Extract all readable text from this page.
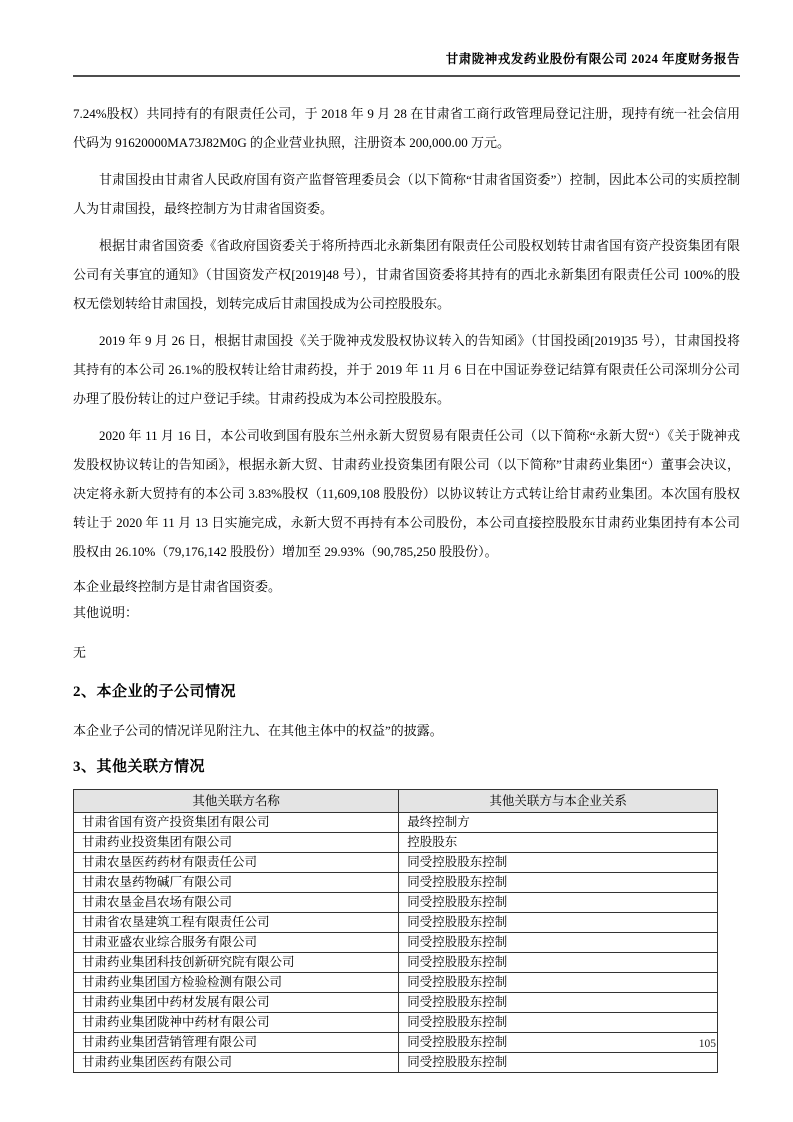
甘肃陇神戎发药业股份有限公司 2024 年度财务报告

7.24%股权）共同持有的有限责任公司，于 2018 年 9 月 28 在甘肃省工商行政管理局登记注册，现持有统一社会信用代码为 91620000MA73J82M0G 的企业营业执照，注册资本 200,000.00 万元。

甘肃国投由甘肃省人民政府国有资产监督管理委员会（以下简称“甘肃省国资委”）控制，因此本公司的实质控制人为甘肃国投，最终控制方为甘肃省国资委。

根据甘肃省国资委《省政府国资委关于将所持西北永新集团有限责任公司股权划转甘肃省国有资产投资集团有限公司有关事宜的通知》（甘国资发产权[2019]48 号），甘肃省国资委将其持有的西北永新集团有限责任公司 100%的股权无偿划转给甘肃国投，划转完成后甘肃国投成为公司控股股东。

2019 年 9 月 26 日，根据甘肃国投《关于陇神戎发股权协议转入的告知函》（甘国投函[2019]35 号），甘肃国投将其持有的本公司 26.1%的股权转让给甘肃药投，并于 2019 年 11 月 6 日在中国证券登记结算有限责任公司深圳分公司办理了股份转让的过户登记手续。甘肃药投成为本公司控股股东。

2020 年 11 月 16 日，本公司收到国有股东兰州永新大贸贸易有限责任公司（以下简称“永新大贸“）《关于陇神戎发股权协议转让的告知函》，根据永新大贸、甘肃药业投资集团有限公司（以下简称”甘肃药业集团“）董事会决议，决定将永新大贸持有的本公司 3.83%股权（11,609,108 股股份）以协议转让方式转让给甘肃药业集团。本次国有股权转让于 2020 年 11 月 13 日实施完成，永新大贸不再持有本公司股份，本公司直接控股股东甘肃药业集团持有本公司股权由 26.10%（79,176,142 股股份）增加至 29.93%（90,785,250 股股份）。

本企业最终控制方是甘肃省国资委。

其他说明：

无

2、本企业的子公司情况

本企业子公司的情况详见附注九、在其他主体中的权益”的披露。

3、其他关联方情况
其他关联方名称	其他关联方与本企业关系
甘肃省国有资产投资集团有限公司	最终控制方
甘肃药业投资集团有限公司	控股股东
甘肃农垦医药药材有限责任公司	同受控股股东控制
甘肃农垦药物碱厂有限公司	同受控股股东控制
甘肃农垦金昌农场有限公司	同受控股股东控制
甘肃省农垦建筑工程有限责任公司	同受控股股东控制
甘肃亚盛农业综合服务有限公司	同受控股股东控制
甘肃药业集团科技创新研究院有限公司	同受控股股东控制
甘肃药业集团国方检验检测有限公司	同受控股股东控制
甘肃药业集团中药材发展有限公司	同受控股股东控制
甘肃药业集团陇神中药材有限公司	同受控股股东控制
甘肃药业集团营销管理有限公司	同受控股股东控制
甘肃药业集团医药有限公司	同受控股股东控制
105
